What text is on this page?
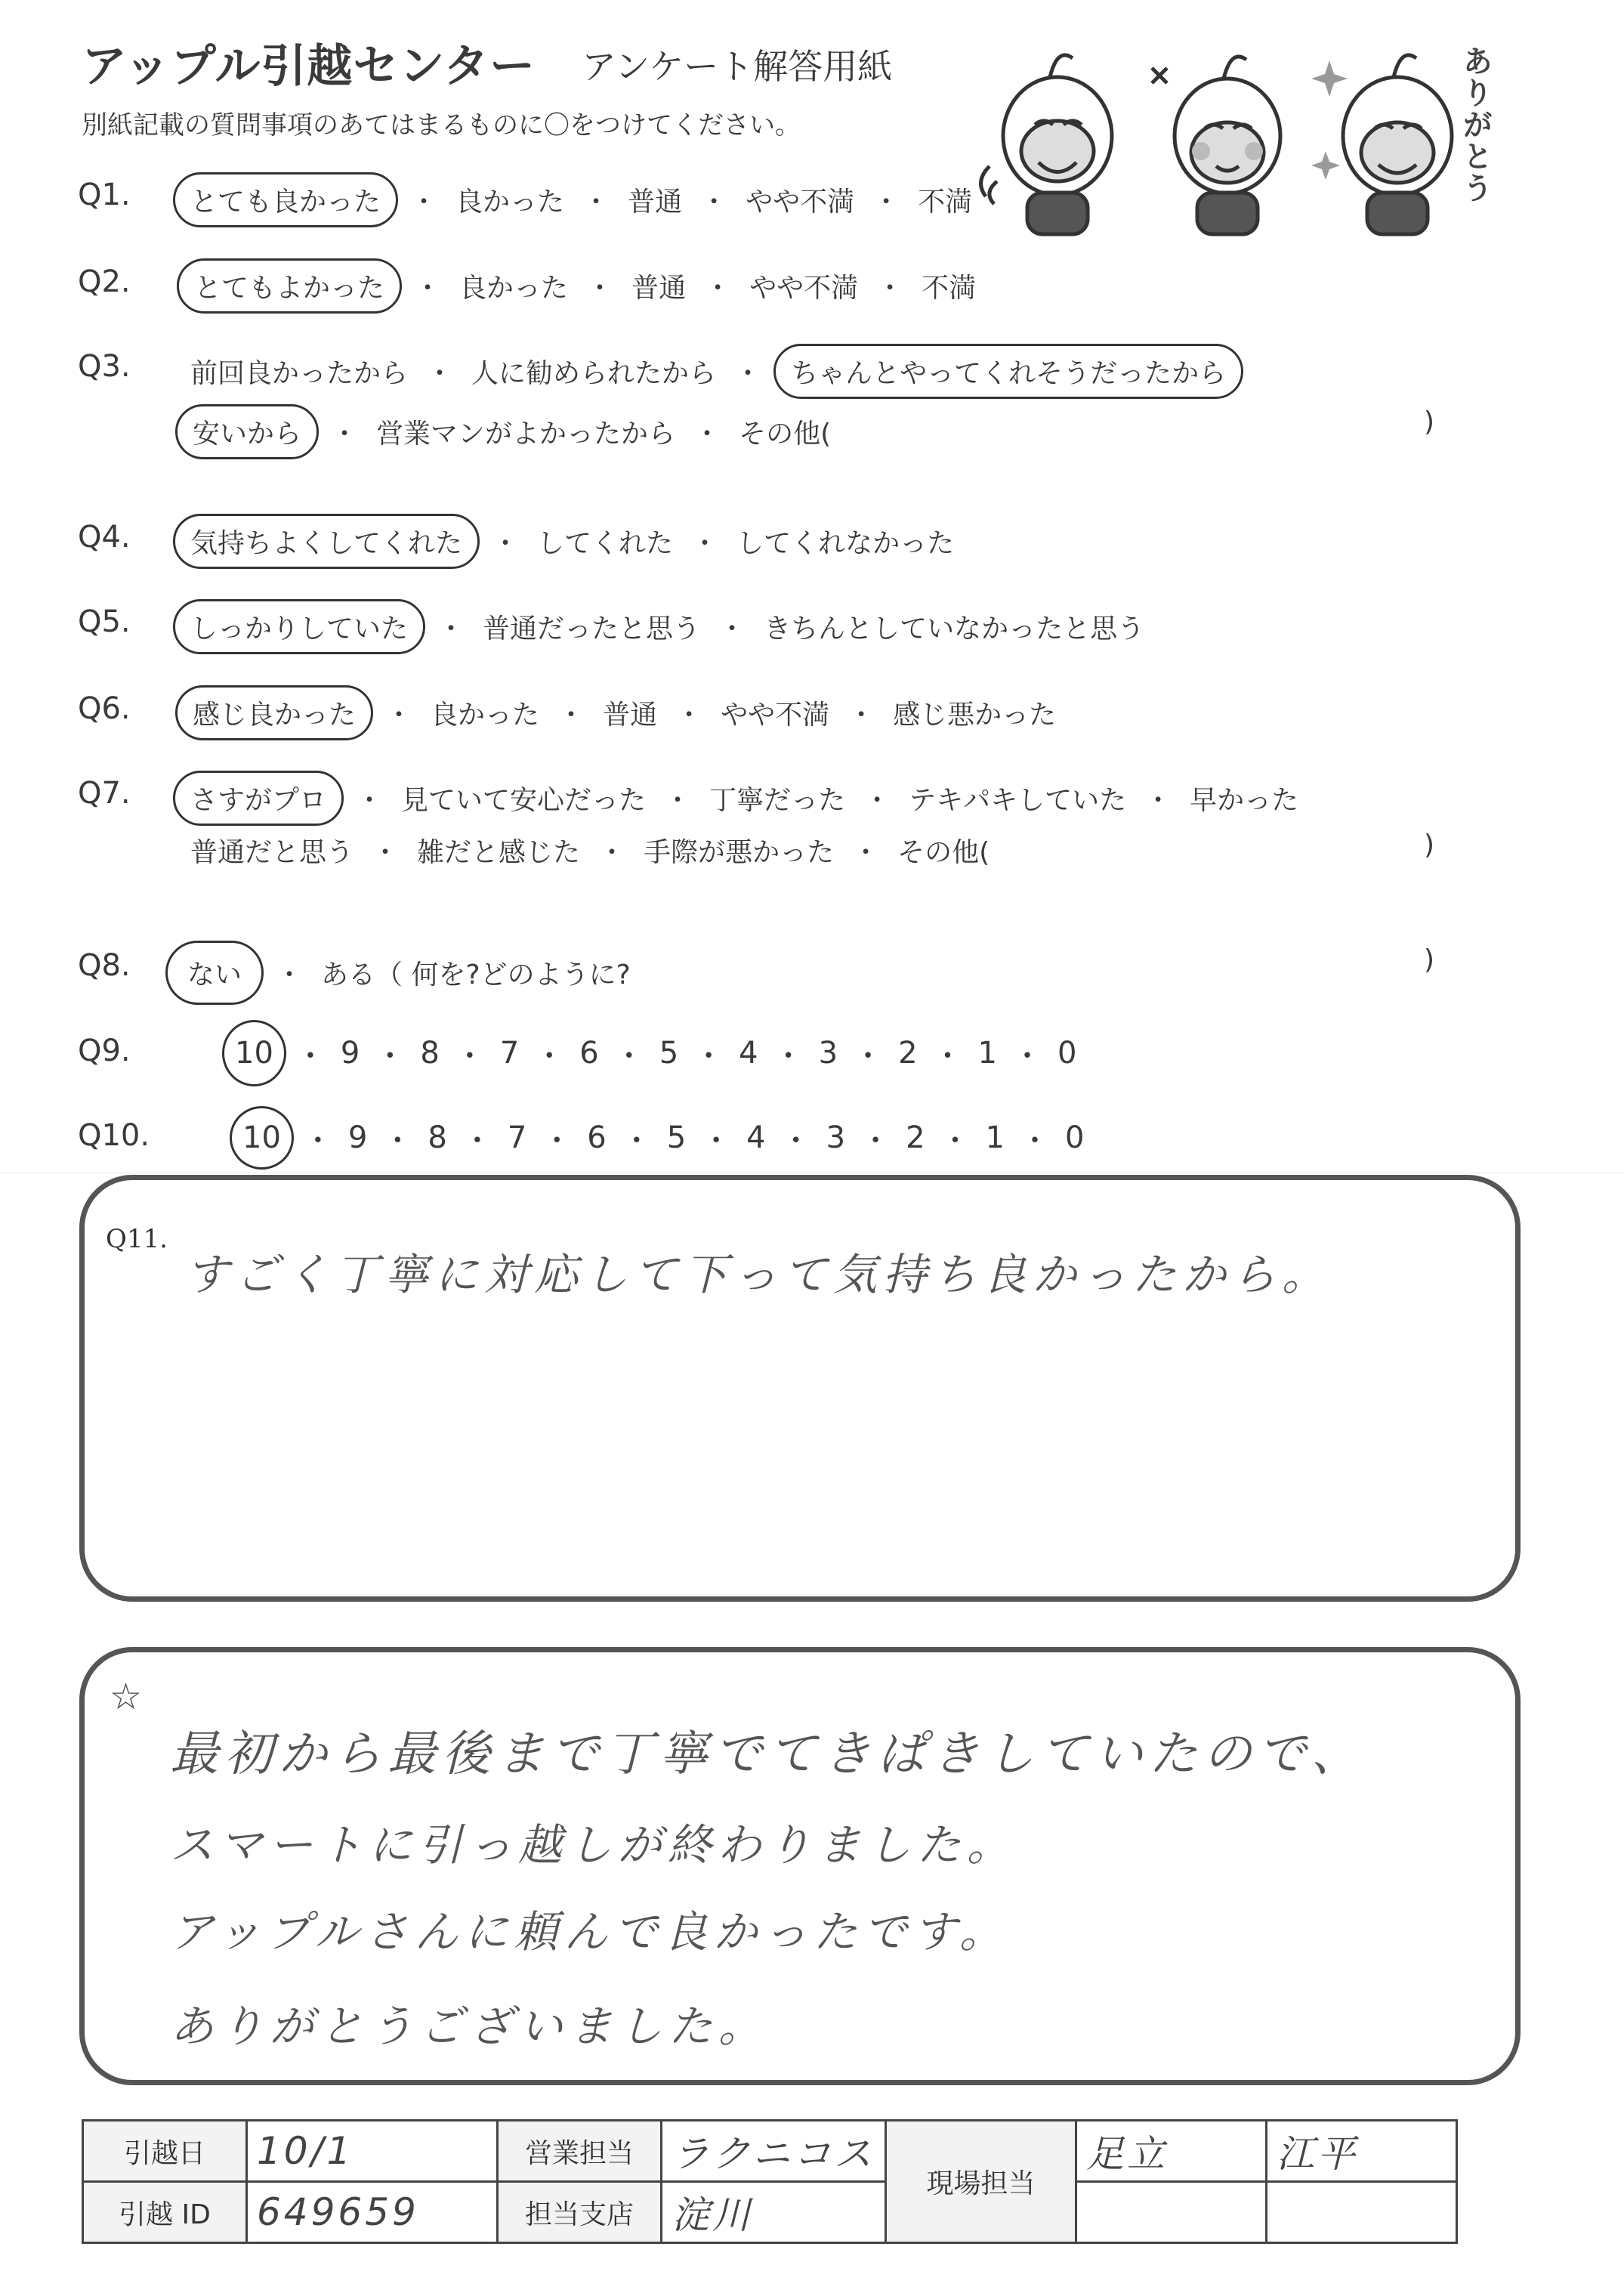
アップル引越センター アンケート解答用紙
別紙記載の質問事項のあてはまるものに〇をつけてください。	ありがとう
Q1.	とても良かった	・ 良かった ・ 普通 ・ やや不満 ・ 不満
Q2.	とてもよかった	・ 良かった ・ 普通 ・ やや不満 ・ 不満
Q3. 前回良かったから ・ 人に勧められたから ・	ちゃんとやってくれそうだったから
安いから	・ 営業マンがよかったから ・ その他(	)
Q4.	気持ちよくしてくれた	・ してくれた ・ してくれなかった
Q5.	しっかりしていた	・ 普通だったと思う ・ きちんとしていなかったと思う
Q6.	感じ良かった	・ 良かった ・ 普通 ・ やや不満 ・ 感じ悪かった
Q7.	さすがプロ	・ 見ていて安心だった ・ 丁寧だった ・ テキパキしていた ・ 早かった
普通だと思う ・ 雑だと感じた ・ 手際が悪かった ・ その他(	)
Q8.	ない	・ ある（ 何を?どのように?	)
Q9.	10 ・ 9 ・ 8 ・ 7 ・ 6 ・ 5 ・ 4 ・ 3 ・ 2 ・ 1 ・ 0
Q10.	10 ・ 9 ・ 8 ・ 7 ・ 6 ・ 5 ・ 4 ・ 3 ・ 2 ・ 1 ・ 0
Q11.
すごく丁寧に対応して下って気持ち良かったから。
☆
最初から最後まで丁寧でてきぱきしていたので、
スマートに引っ越しが終わりました。
アップルさんに頼んで良かったです。
ありがとうございました。
引越日	10/1	営業担当	ラクニコス	現場担当	足立	江平
引越 ID	649659	担当支店	淀川			
